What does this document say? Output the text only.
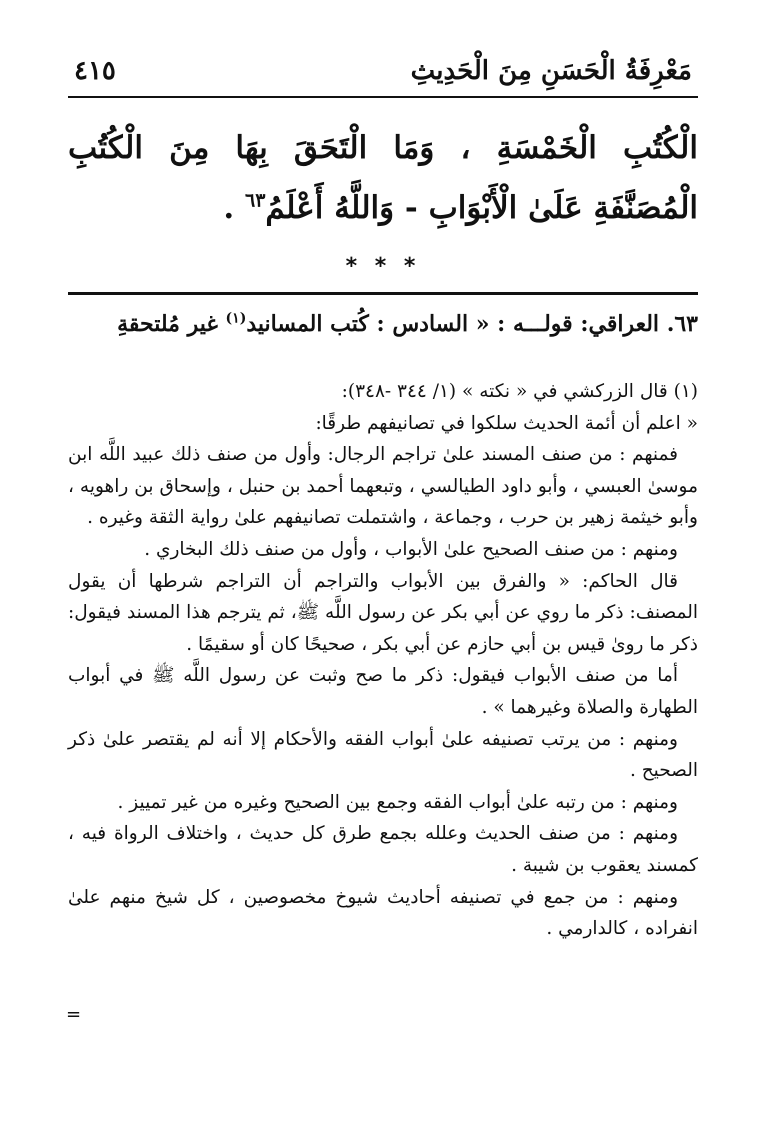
مَعْرِفَةُ الْحَسَنِ مِنَ الْحَدِيثِ
٤١٥
الْكُتُبِ الْخَمْسَةِ ، وَمَا الْتَحَقَ بِهَا مِنَ الْكُتُبِ الْمُصَنَّفَةِ عَلَىٰ الْأَبْوَابِ - وَاللَّهُ أَعْلَمُ$^{٦٣}$ .
* * *
٦٣. العراقي: قولـــه : « السادس : كُتب المسانيد$^{(١)}$ غير مُلتحقةِ

(١) قال الزركشي في « نكته » (١/ ٣٤٤ -٣٤٨):

« اعلم أن أئمة الحديث سلكوا في تصانيفهم طرقًا:

فمنهم : من صنف المسند علىٰ تراجم الرجال: وأول من صنف ذلك عبيد اللَّه ابن موسىٰ العبسي ، وأبو داود الطيالسي ، وتبعهما أحمد بن حنبل ، وإسحاق بن راهويه ، وأبو خيثمة زهير بن حرب ، وجماعة ، واشتملت تصانيفهم علىٰ رواية الثقة وغيره .

ومنهم : من صنف الصحيح علىٰ الأبواب ، وأول من صنف ذلك البخاري .

قال الحاكم: « والفرق بين الأبواب والتراجم أن التراجم شرطها أن يقول المصنف: ذكر ما روي عن أبي بكر عن رسول اللَّه ﷺ، ثم يترجم هذا المسند فيقول: ذكر ما روىٰ قيس بن أبي حازم عن أبي بكر ، صحيحًا كان أو سقيمًا .

أما من صنف الأبواب فيقول: ذكر ما صح وثبت عن رسول اللَّه ﷺ في أبواب الطهارة والصلاة وغيرهما » .

ومنهم : من يرتب تصنيفه علىٰ أبواب الفقه والأحكام إلا أنه لم يقتصر علىٰ ذكر الصحيح .

ومنهم : من رتبه علىٰ أبواب الفقه وجمع بين الصحيح وغيره من غير تمييز .

ومنهم : من صنف الحديث وعلله بجمع طرق كل حديث ، واختلاف الرواة فيه ، كمسند يعقوب بن شيبة .

ومنهم : من جمع في تصنيفه أحاديث شيوخ مخصوصين ، كل شيخ منهم علىٰ انفراده ، كالدارمي .

=
